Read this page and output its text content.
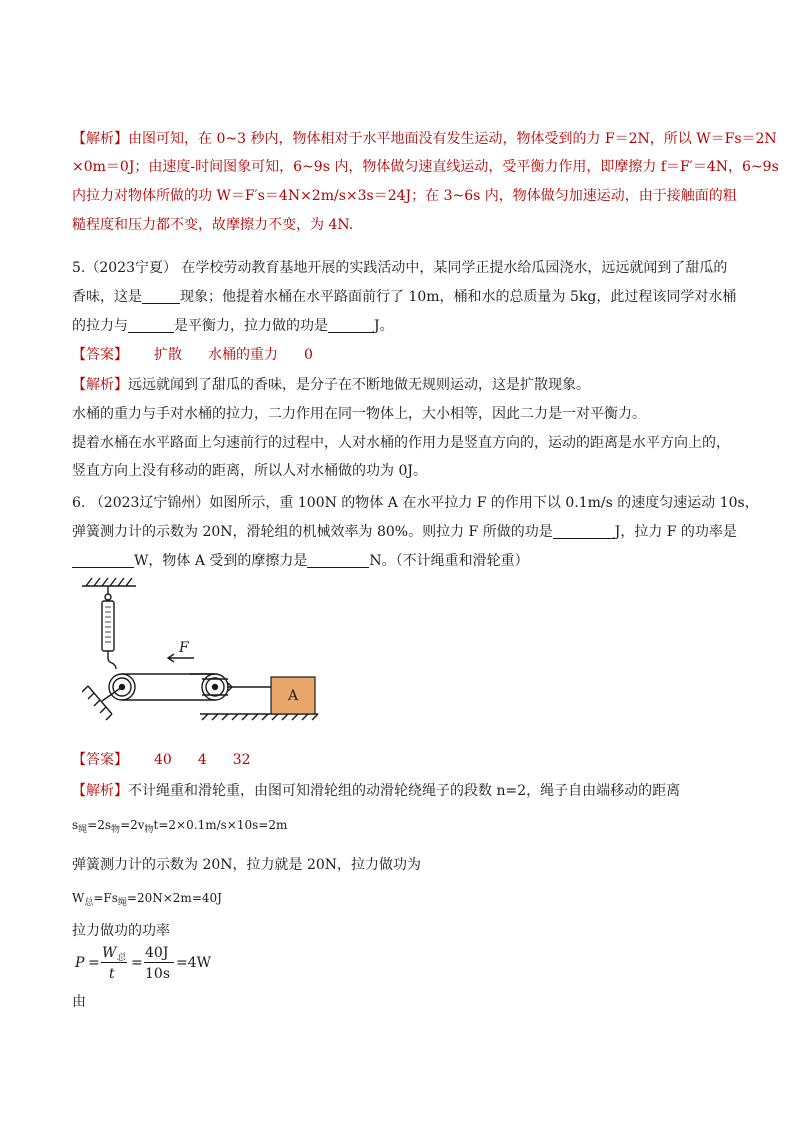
【解析】由图可知，在 0~3 秒内，物体相对于水平地面没有发生运动，物体受到的力 F＝2N，所以 W＝Fs＝2N
×0m＝0J；由速度-时间图象可知，6~9s 内，物体做匀速直线运动，受平衡力作用，即摩擦力 f＝F′＝4N，6~9s
内拉力对物体所做的功 W＝F′s＝4N×2m/s×3s＝24J；在 3~6s 内，物体做匀加速运动，由于接触面的粗
糙程度和压力都不变，故摩擦力不变，为 4N.
5.（2023宁夏） 在学校劳动教育基地开展的实践活动中，某同学正提水给瓜园浇水，远远就闻到了甜瓜的
香味，这是	现象；他提着水桶在水平路面前行了 10m，桶和水的总质量为 5kg，此过程该同学对水桶
的拉力与	是平衡力，拉力做的功是	J。
【答案】 扩散 水桶的重力 0
【解析】远远就闻到了甜瓜的香味，是分子在不断地做无规则运动，这是扩散现象。
水桶的重力与手对水桶的拉力，二力作用在同一物体上，大小相等，因此二力是一对平衡力。
提着水桶在水平路面上匀速前行的过程中，人对水桶的作用力是竖直方向的，运动的距离是水平方向上的，
竖直方向上没有移动的距离，所以人对水桶做的功为 0J。
6. （2023辽宁锦州）如图所示，重 100N 的物体 A 在水平拉力 F 的作用下以 0.1m/s 的速度匀速运动 10s，
弹簧测力计的示数为 20N，滑轮组的机械效率为 80%。则拉力 F 所做的功是	J，拉力 F 的功率是
W，物体 A 受到的摩擦力是	N。（不计绳重和滑轮重）
F
A
【答案】 40 4 32
【解析】不计绳重和滑轮重，由图可知滑轮组的动滑轮绕绳子的段数 n=2，绳子自由端移动的距离
$s_绳=2s_物=2v_物t=2\times 0.1m/s\times 10s=2m$
弹簧测力计的示数为 20N，拉力就是 20N，拉力做功为
$W_总=Fs_绳=20N\times 2m=40J$
拉力做功的功率
P =
$W_总$
t
=
40J
10s
=4W
由
